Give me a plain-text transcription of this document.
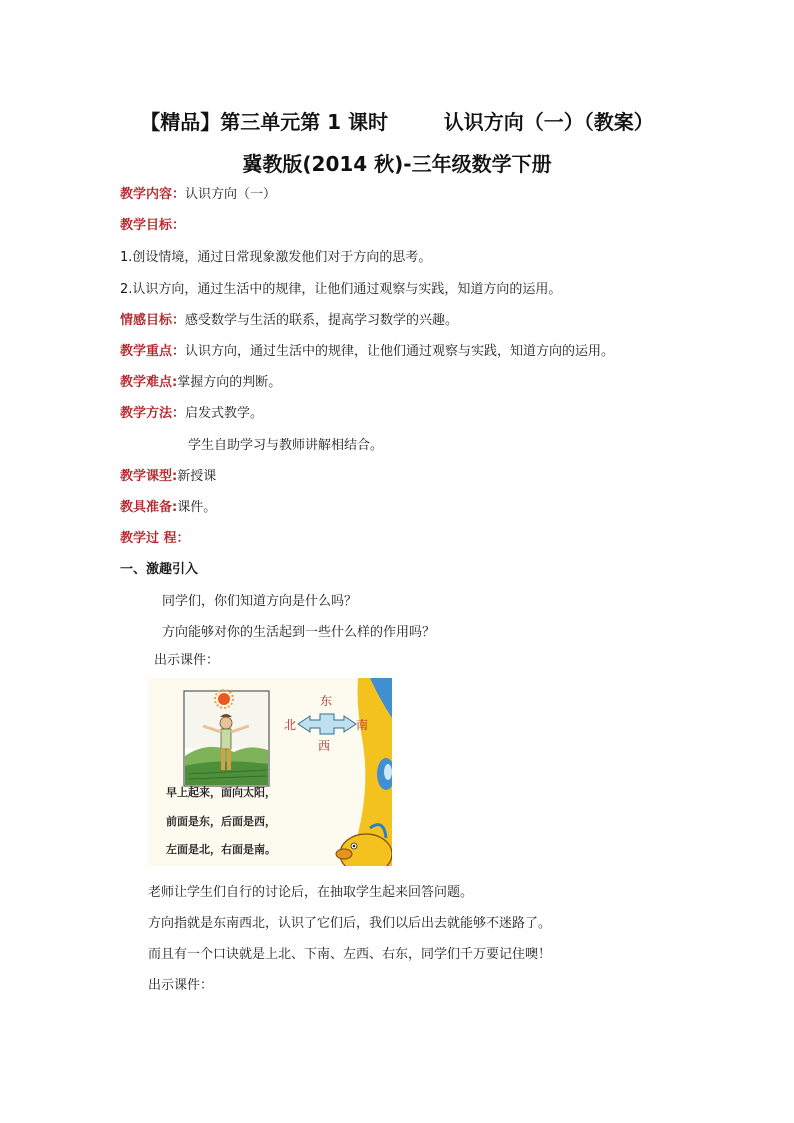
【精品】第三单元第 1 课时        认识方向（一）（教案）
冀教版(2014 秋)-三年级数学下册
教学内容：认识方向（一）
教学目标：
1.创设情境，通过日常现象激发他们对于方向的思考。
2.认识方向，通过生活中的规律，让他们通过观察与实践，知道方向的运用。
情感目标：感受数学与生活的联系，提高学习数学的兴趣。
教学重点：认识方向，通过生活中的规律，让他们通过观察与实践，知道方向的运用。
教学难点:掌握方向的判断。
教学方法：启发式教学。
学生自助学习与教师讲解相结合。
教学课型:新授课
教具准备:课件。
教学过 程：
一、激趣引入
同学们，你们知道方向是什么吗？
方向能够对你的生活起到一些什么样的作用吗？
出示课件：
东
北	南
西
早上起来，面向太阳，
前面是东，后面是西，
左面是北，右面是南。
老师让学生们自行的讨论后，在抽取学生起来回答问题。
方向指就是东南西北，认识了它们后，我们以后出去就能够不迷路了。
而且有一个口诀就是上北、下南、左西、右东，同学们千万要记住噢！
出示课件：
